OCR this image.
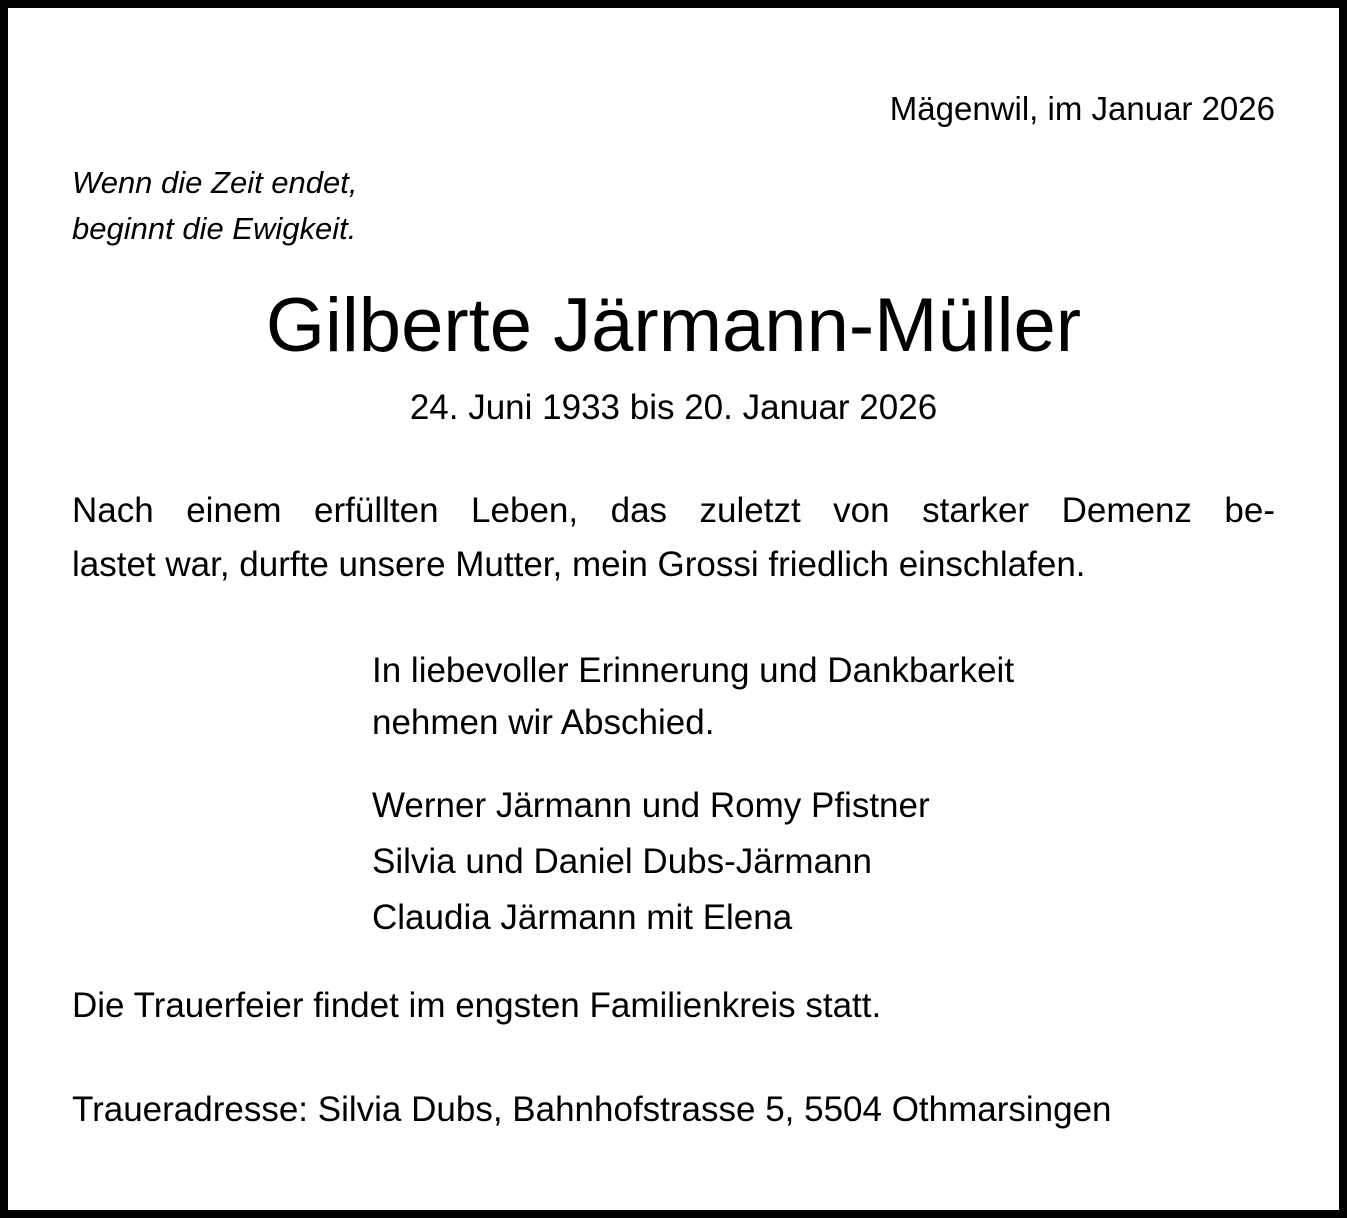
Mägenwil, im Januar 2026
Wenn die Zeit endet,
beginnt die Ewigkeit.
Gilberte Järmann-Müller
24. Juni 1933 bis 20. Januar 2026
Nach einem erfüllten Leben, das zuletzt von starker Demenz be-
lastet war, durfte unsere Mutter, mein Grossi friedlich einschlafen.
In liebevoller Erinnerung und Dankbarkeit
nehmen wir Abschied.
Werner Järmann und Romy Pfistner
Silvia und Daniel Dubs-Järmann
Claudia Järmann mit Elena
Die Trauerfeier findet im engsten Familienkreis statt.
Traueradresse: Silvia Dubs, Bahnhofstrasse 5, 5504 Othmarsingen
